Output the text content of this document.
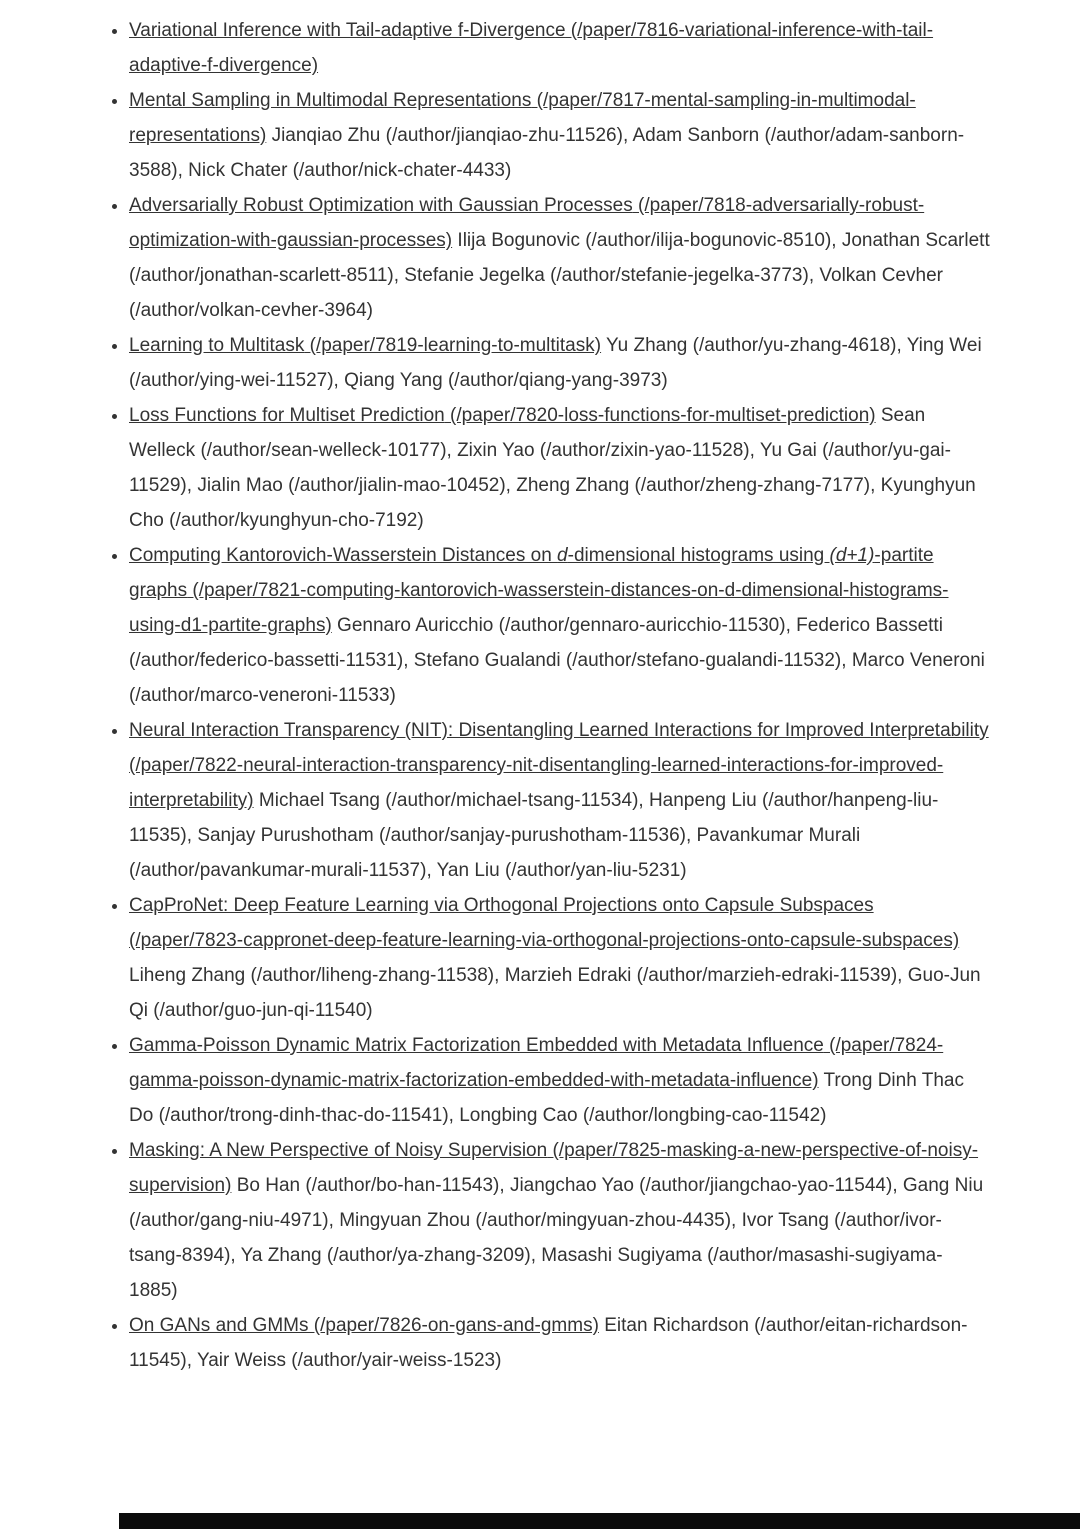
• Variational Inference with Tail-adaptive f-Divergence (/paper/7816-variational-inference-with-tail-adaptive-f-divergence)
• Mental Sampling in Multimodal Representations (/paper/7817-mental-sampling-in-multimodal-representations) Jianqiao Zhu (/author/jianqiao-zhu-11526), Adam Sanborn (/author/adam-sanborn-3588), Nick Chater (/author/nick-chater-4433)
• Adversarially Robust Optimization with Gaussian Processes (/paper/7818-adversarially-robust-optimization-with-gaussian-processes) Ilija Bogunovic (/author/ilija-bogunovic-8510), Jonathan Scarlett (/author/jonathan-scarlett-8511), Stefanie Jegelka (/author/stefanie-jegelka-3773), Volkan Cevher (/author/volkan-cevher-3964)
• Learning to Multitask (/paper/7819-learning-to-multitask) Yu Zhang (/author/yu-zhang-4618), Ying Wei (/author/ying-wei-11527), Qiang Yang (/author/qiang-yang-3973)
• Loss Functions for Multiset Prediction (/paper/7820-loss-functions-for-multiset-prediction) Sean Welleck (/author/sean-welleck-10177), Zixin Yao (/author/zixin-yao-11528), Yu Gai (/author/yu-gai-11529), Jialin Mao (/author/jialin-mao-10452), Zheng Zhang (/author/zheng-zhang-7177), Kyunghyun Cho (/author/kyunghyun-cho-7192)
• Computing Kantorovich-Wasserstein Distances on d-dimensional histograms using (d+1)-partite graphs (/paper/7821-computing-kantorovich-wasserstein-distances-on-d-dimensional-histograms-using-d1-partite-graphs) Gennaro Auricchio (/author/gennaro-auricchio-11530), Federico Bassetti (/author/federico-bassetti-11531), Stefano Gualandi (/author/stefano-gualandi-11532), Marco Veneroni (/author/marco-veneroni-11533)
• Neural Interaction Transparency (NIT): Disentangling Learned Interactions for Improved Interpretability (/paper/7822-neural-interaction-transparency-nit-disentangling-learned-interactions-for-improved-interpretability) Michael Tsang (/author/michael-tsang-11534), Hanpeng Liu (/author/hanpeng-liu-11535), Sanjay Purushotham (/author/sanjay-purushotham-11536), Pavankumar Murali (/author/pavankumar-murali-11537), Yan Liu (/author/yan-liu-5231)
• CapProNet: Deep Feature Learning via Orthogonal Projections onto Capsule Subspaces (/paper/7823-cappronet-deep-feature-learning-via-orthogonal-projections-onto-capsule-subspaces) Liheng Zhang (/author/liheng-zhang-11538), Marzieh Edraki (/author/marzieh-edraki-11539), Guo-Jun Qi (/author/guo-jun-qi-11540)
• Gamma-Poisson Dynamic Matrix Factorization Embedded with Metadata Influence (/paper/7824-gamma-poisson-dynamic-matrix-factorization-embedded-with-metadata-influence) Trong Dinh Thac Do (/author/trong-dinh-thac-do-11541), Longbing Cao (/author/longbing-cao-11542)
• Masking: A New Perspective of Noisy Supervision (/paper/7825-masking-a-new-perspective-of-noisy-supervision) Bo Han (/author/bo-han-11543), Jiangchao Yao (/author/jiangchao-yao-11544), Gang Niu (/author/gang-niu-4971), Mingyuan Zhou (/author/mingyuan-zhou-4435), Ivor Tsang (/author/ivor-tsang-8394), Ya Zhang (/author/ya-zhang-3209), Masashi Sugiyama (/author/masashi-sugiyama-1885)
• On GANs and GMMs (/paper/7826-on-gans-and-gmms) Eitan Richardson (/author/eitan-richardson-11545), Yair Weiss (/author/yair-weiss-1523)
